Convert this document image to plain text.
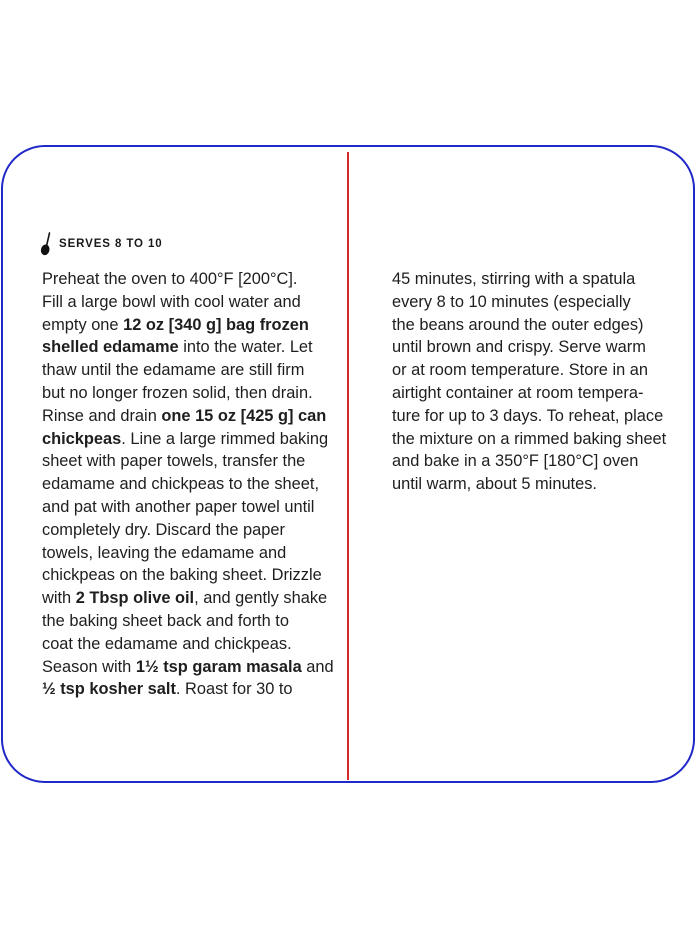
SERVES 8 TO 10
Preheat the oven to 400°F [200°C].
Fill a large bowl with cool water and
empty one 12 oz [340 g] bag frozen
shelled edamame into the water. Let
thaw until the edamame are still firm
but no longer frozen solid, then drain.
Rinse and drain one 15 oz [425 g] can
chickpeas. Line a large rimmed baking
sheet with paper towels, transfer the
edamame and chickpeas to the sheet,
and pat with another paper towel until
completely dry. Discard the paper
towels, leaving the edamame and
chickpeas on the baking sheet. Drizzle
with 2 Tbsp olive oil, and gently shake
the baking sheet back and forth to
coat the edamame and chickpeas.
Season with 1½ tsp garam masala and
½ tsp kosher salt. Roast for 30 to
45 minutes, stirring with a spatula
every 8 to 10 minutes (especially
the beans around the outer edges)
until brown and crispy. Serve warm
or at room temperature. Store in an
airtight container at room tempera-
ture for up to 3 days. To reheat, place
the mixture on a rimmed baking sheet
and bake in a 350°F [180°C] oven
until warm, about 5 minutes.
